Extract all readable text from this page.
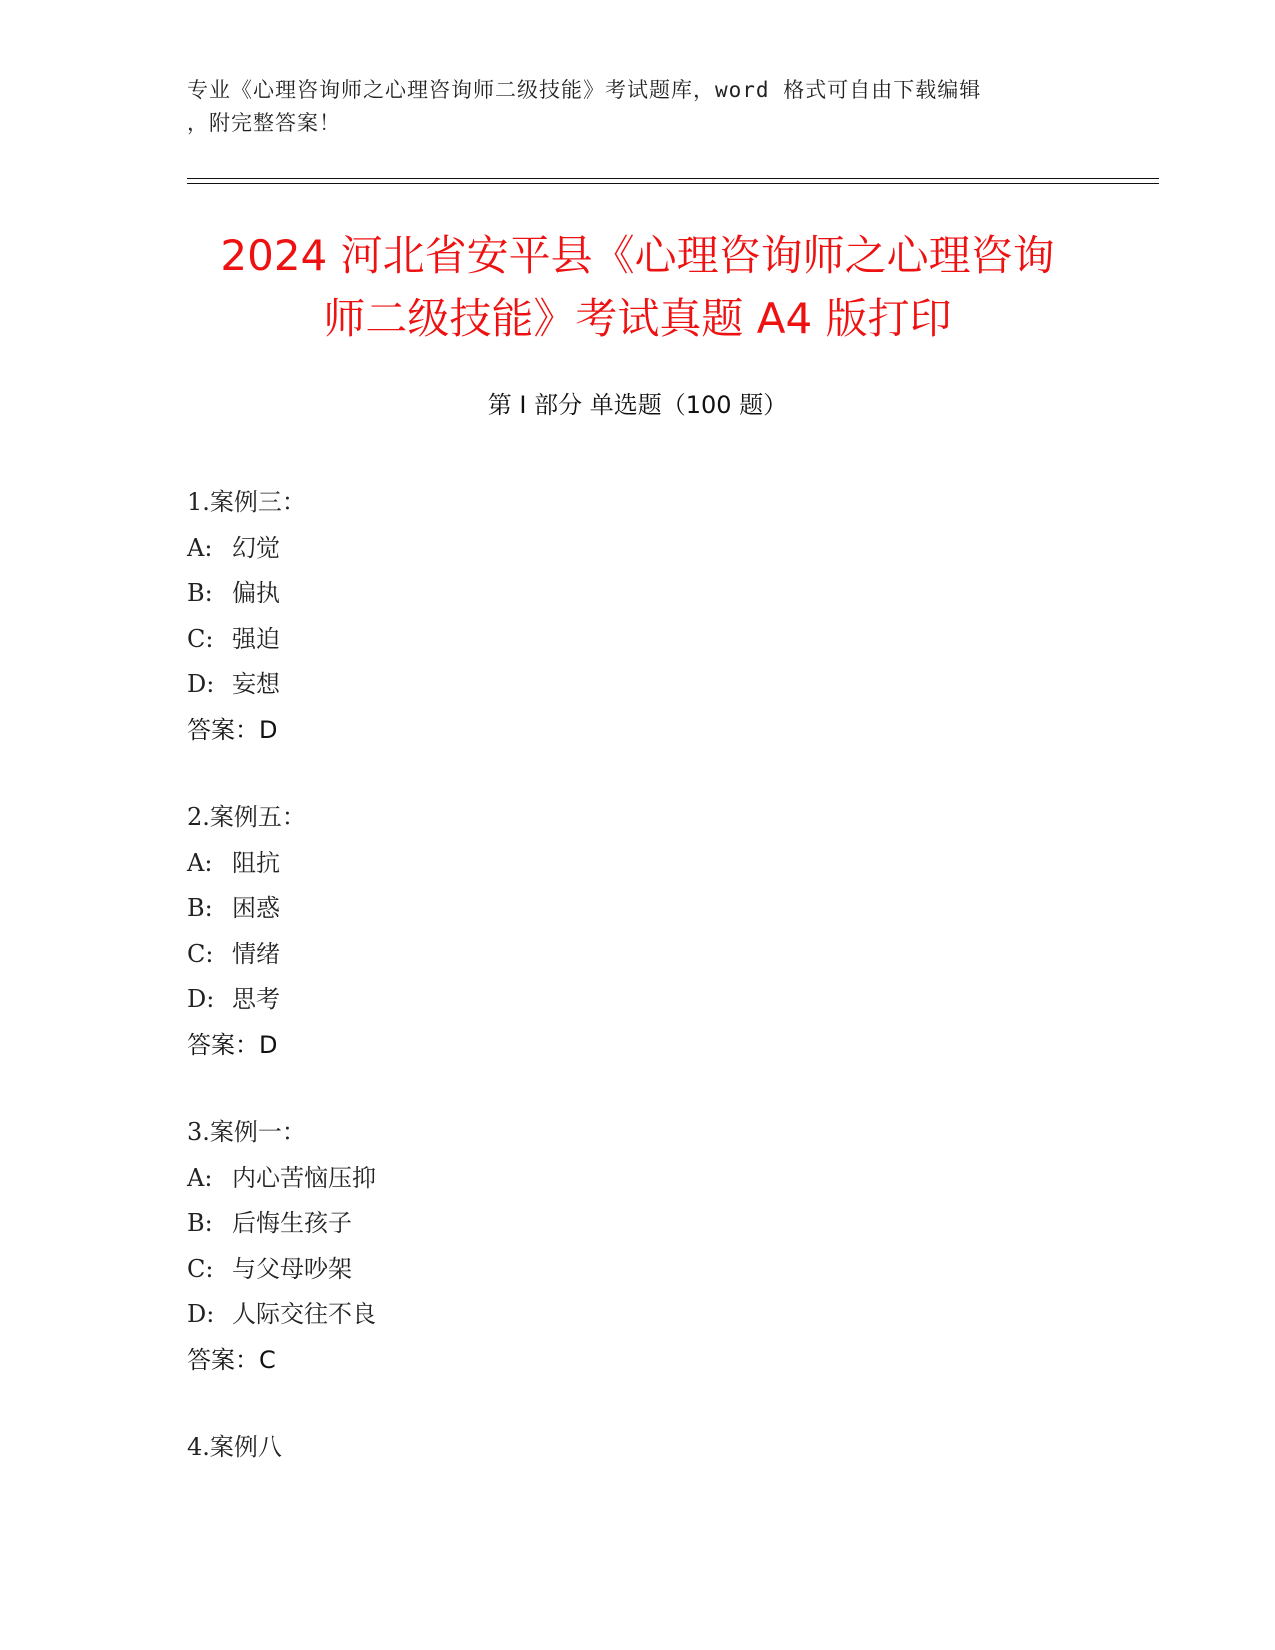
专业《心理咨询师之心理咨询师二级技能》考试题库，word 格式可自由下载编辑
，附完整答案！
2024 河北省安平县《心理咨询师之心理咨询
师二级技能》考试真题 A4 版打印
第 I 部分 单选题（100 题）
1.案例三：
A: 幻觉
B: 偏执
C: 强迫
D: 妄想
答案：D
2.案例五：
A: 阻抗
B: 困惑
C: 情绪
D: 思考
答案：D
3.案例一：
A: 内心苦恼压抑
B: 后悔生孩子
C: 与父母吵架
D: 人际交往不良
答案：C
4.案例八
